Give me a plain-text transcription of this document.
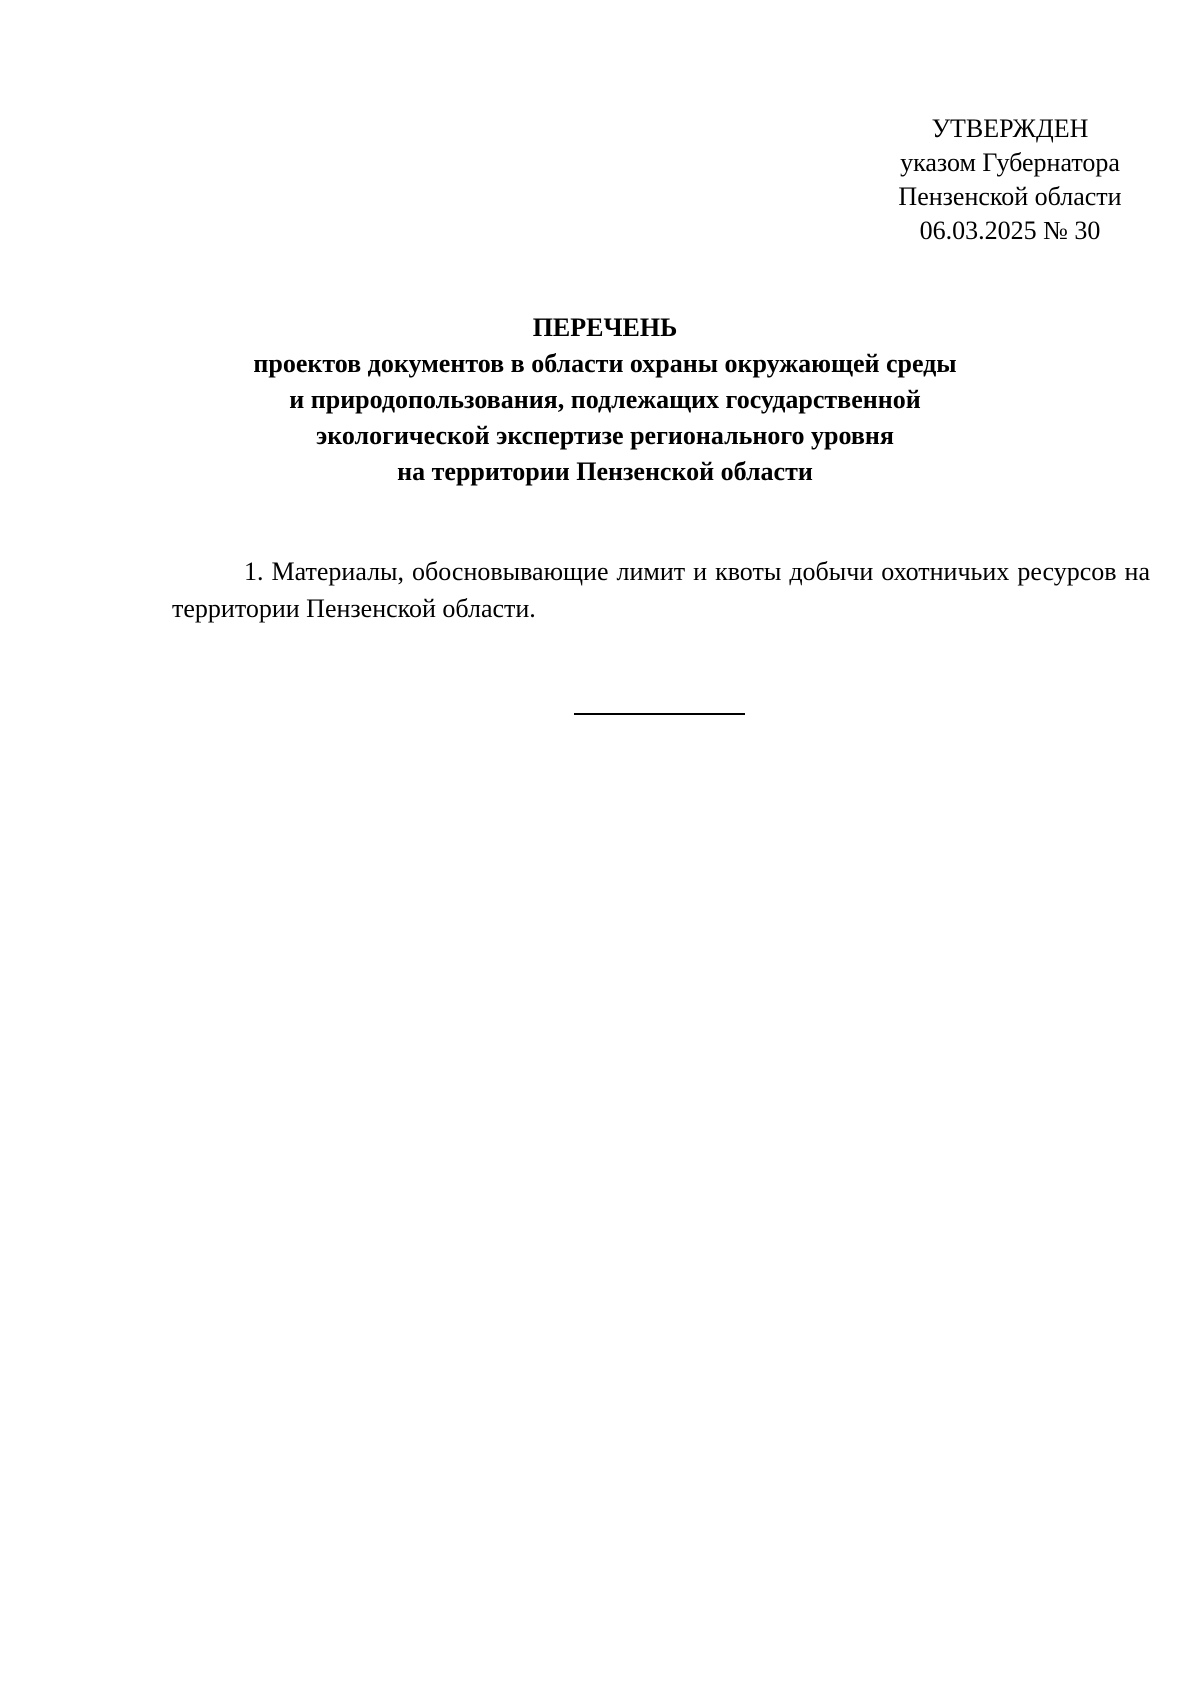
УТВЕРЖДЕН
указом Губернатора
Пензенской области
06.03.2025 № 30
ПЕРЕЧЕНЬ
проектов документов в области охраны окружающей среды
и природопользования, подлежащих государственной
экологической экспертизе регионального уровня
на территории Пензенской области
1. Материалы, обосновывающие лимит и квоты добычи охотничьих ресурсов на территории Пензенской области.
